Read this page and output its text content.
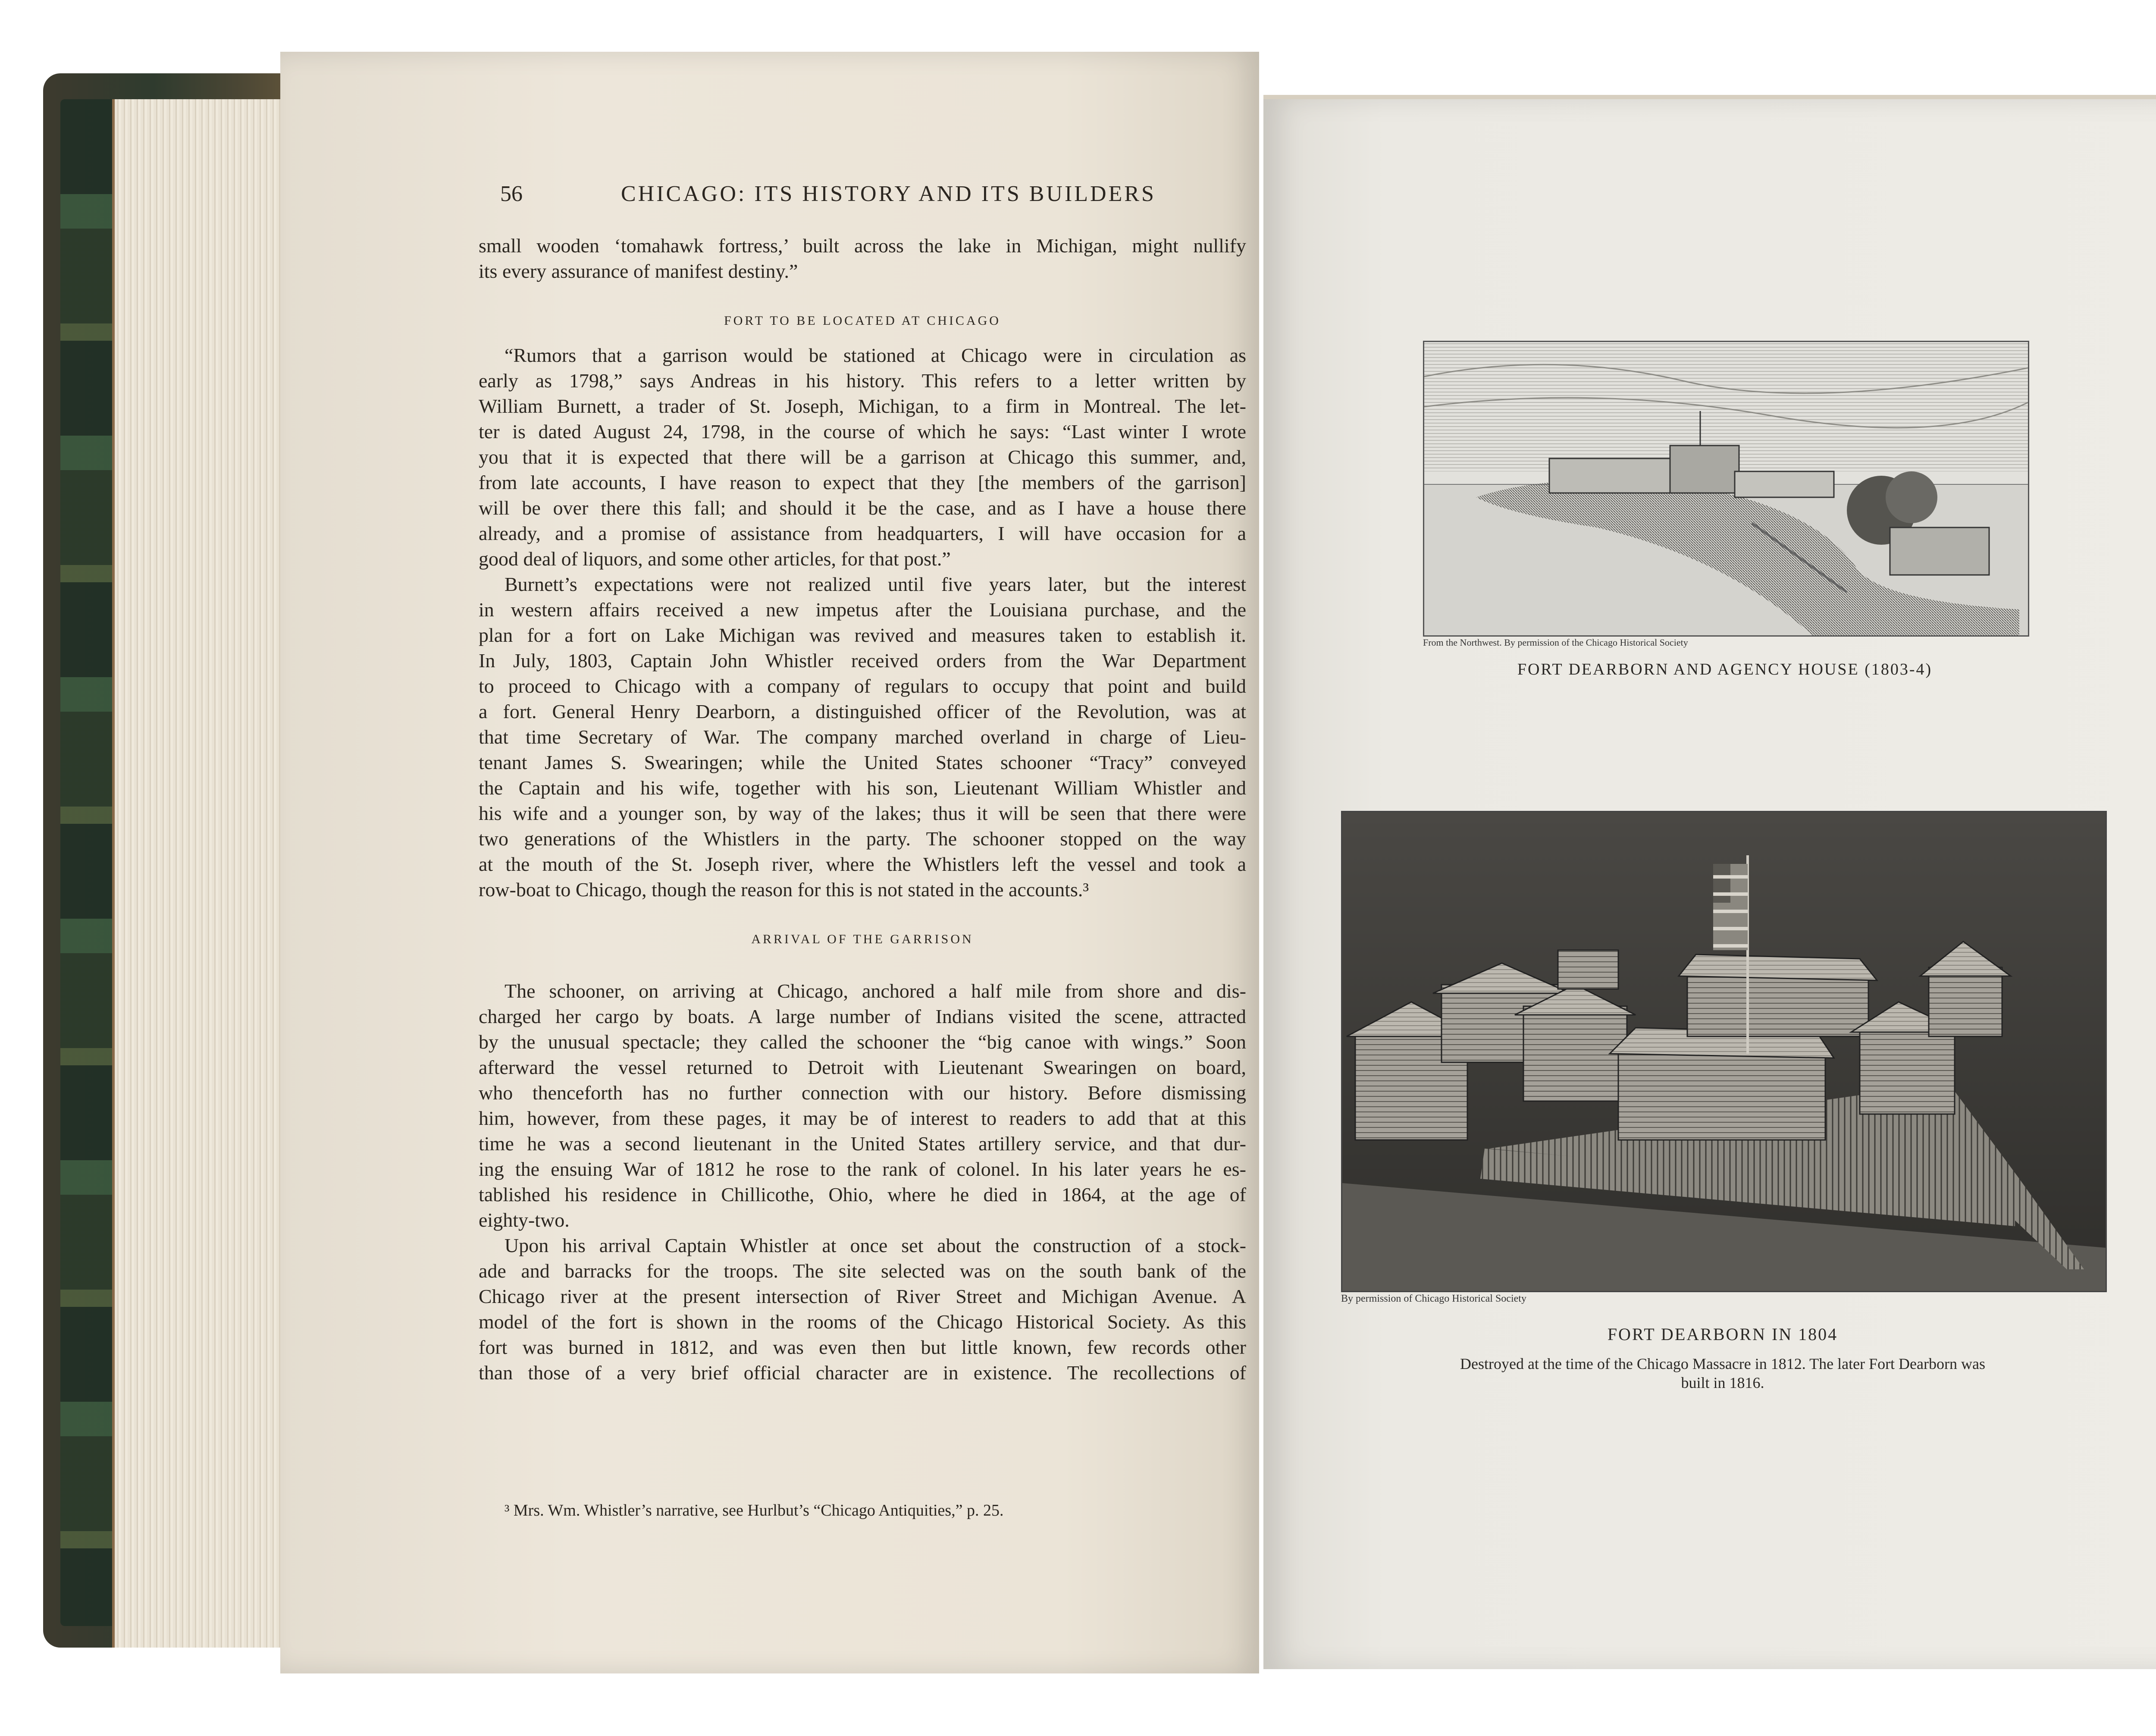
56	CHICAGO: ITS HISTORY AND ITS BUILDERS
small wooden ‘tomahawk fortress,’ built across the lake in Michigan, might nullify
its every assurance of manifest destiny.”
FORT TO BE LOCATED AT CHICAGO
“Rumors that a garrison would be stationed at Chicago were in circulation as
early as 1798,” says Andreas in his history. This refers to a letter written by
William Burnett, a trader of St. Joseph, Michigan, to a firm in Montreal. The let-
ter is dated August 24, 1798, in the course of which he says: “Last winter I wrote
you that it is expected that there will be a garrison at Chicago this summer, and,
from late accounts, I have reason to expect that they [the members of the garrison]
will be over there this fall; and should it be the case, and as I have a house there
already, and a promise of assistance from headquarters, I will have occasion for a
good deal of liquors, and some other articles, for that post.”
Burnett’s expectations were not realized until five years later, but the interest
in western affairs received a new impetus after the Louisiana purchase, and the
plan for a fort on Lake Michigan was revived and measures taken to establish it.
In July, 1803, Captain John Whistler received orders from the War Department
to proceed to Chicago with a company of regulars to occupy that point and build
a fort. General Henry Dearborn, a distinguished officer of the Revolution, was at
that time Secretary of War. The company marched overland in charge of Lieu-
tenant James S. Swearingen; while the United States schooner “Tracy” conveyed
the Captain and his wife, together with his son, Lieutenant William Whistler and
his wife and a younger son, by way of the lakes; thus it will be seen that there were
two generations of the Whistlers in the party. The schooner stopped on the way
at the mouth of the St. Joseph river, where the Whistlers left the vessel and took a
row-boat to Chicago, though the reason for this is not stated in the accounts.³
ARRIVAL OF THE GARRISON
The schooner, on arriving at Chicago, anchored a half mile from shore and dis-
charged her cargo by boats. A large number of Indians visited the scene, attracted
by the unusual spectacle; they called the schooner the “big canoe with wings.” Soon
afterward the vessel returned to Detroit with Lieutenant Swearingen on board,
who thenceforth has no further connection with our history. Before dismissing
him, however, from these pages, it may be of interest to readers to add that at this
time he was a second lieutenant in the United States artillery service, and that dur-
ing the ensuing War of 1812 he rose to the rank of colonel. In his later years he es-
tablished his residence in Chillicothe, Ohio, where he died in 1864, at the age of
eighty-two.
Upon his arrival Captain Whistler at once set about the construction of a stock-
ade and barracks for the troops. The site selected was on the south bank of the
Chicago river at the present intersection of River Street and Michigan Avenue. A
model of the fort is shown in the rooms of the Chicago Historical Society. As this
fort was burned in 1812, and was even then but little known, few records other
than those of a very brief official character are in existence. The recollections of
³ Mrs. Wm. Whistler’s narrative, see Hurlbut’s “Chicago Antiquities,” p. 25.
From the Northwest. By permission of the Chicago Historical Society
FORT DEARBORN AND AGENCY HOUSE (1803-4)
By permission of Chicago Historical Society
FORT DEARBORN IN 1804
Destroyed at the time of the Chicago Massacre in 1812. The later Fort Dearborn was
built in 1816.
